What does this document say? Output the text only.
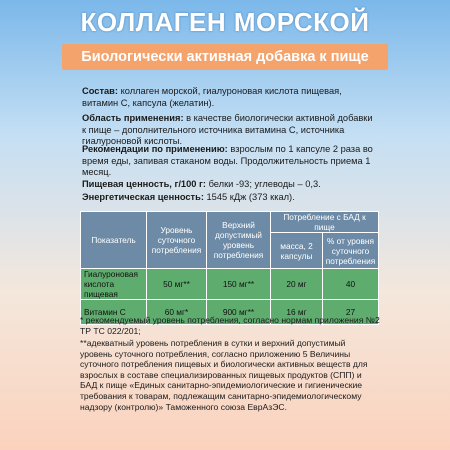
КОЛЛАГЕН МОРСКОЙ
Биологически активная добавка к пище
Состав: коллаген морской, гиалуроновая кислота пищевая, витамин С, капсула (желатин).
Область применения: в качестве биологически активной добавки к пище – дополнительного источника витамина С, источника гиалуроновой кислоты.
Рекомендации по применению: взрослым по 1 капсуле 2 раза во время еды, запивая стаканом воды. Продолжительность приема 1 месяц.
Пищевая ценность, г/100 г: белки -93; углеводы – 0,3.
Энергетическая ценность: 1545 кДж (373 ккал).
Показатель	Уровень суточного потребления	Верхний допустимый уровень потребления	Потребление с БАД к пище	
			масса, 2 капсулы	% от уровня суточного потребления
Гиалуроновая кислота пищевая	50 мг**	150 мг**	20 мг	40
Витамин С	60 мг*	900 мг**	16 мг	27
* рекомендуемый уровень потребления, согласно нормам приложения №2 ТР ТС 022/201;
**адекватный уровень потребления в сутки и верхний допустимый уровень суточного потребления, согласно приложению 5 Величины суточного потребления пищевых и биологически активных веществ для взрослых в составе специализированных пищевых продуктов (СПП) и БАД к пище «Единых санитарно-эпидемиологические и гигиенические требования к товарам, подлежащим санитарно-эпидемиологическому надзору (контролю)» Таможенного союза ЕврАзЭС.
